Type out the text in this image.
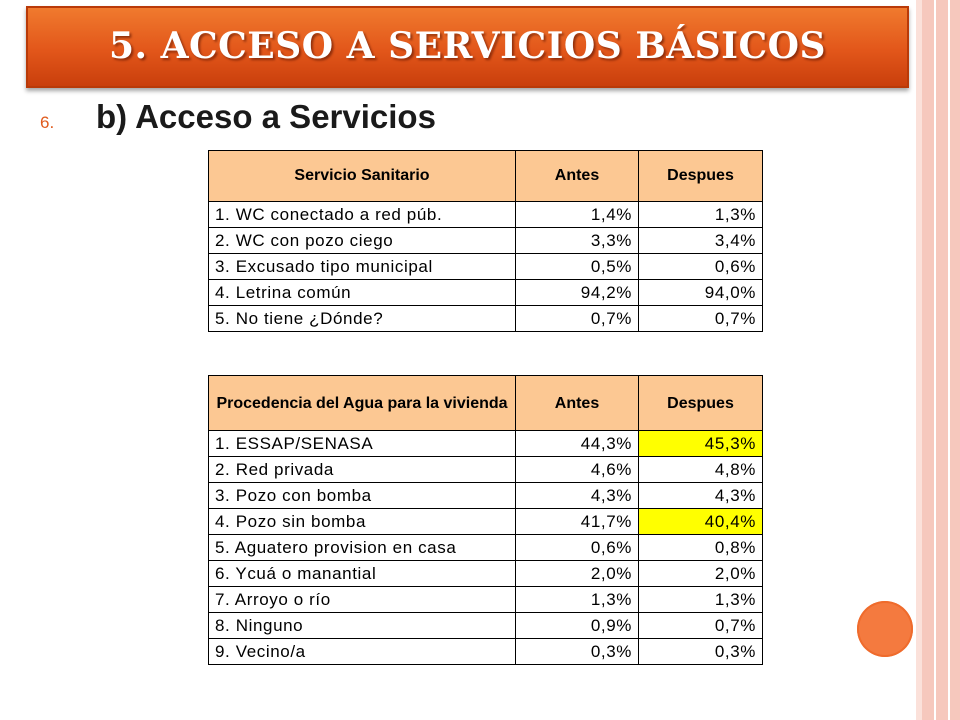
5. ACCESO A SERVICIOS BÁSICOS
6.	b) Acceso a Servicios
Servicio Sanitario	Antes	Despues
1. WC conectado a red púb.	1,4%	1,3%
2. WC con pozo ciego	3,3%	3,4%
3. Excusado tipo municipal	0,5%	0,6%
4. Letrina común	94,2%	94,0%
5. No tiene ¿Dónde?	0,7%	0,7%
Procedencia del Agua para la vivienda	Antes	Despues
1. ESSAP/SENASA	44,3%	45,3%
2. Red privada	4,6%	4,8%
3. Pozo con bomba	4,3%	4,3%
4. Pozo sin bomba	41,7%	40,4%
5. Aguatero provision en casa	0,6%	0,8%
6. Ycuá o manantial	2,0%	2,0%
7. Arroyo o río	1,3%	1,3%
8. Ninguno	0,9%	0,7%
9. Vecino/a	0,3%	0,3%
